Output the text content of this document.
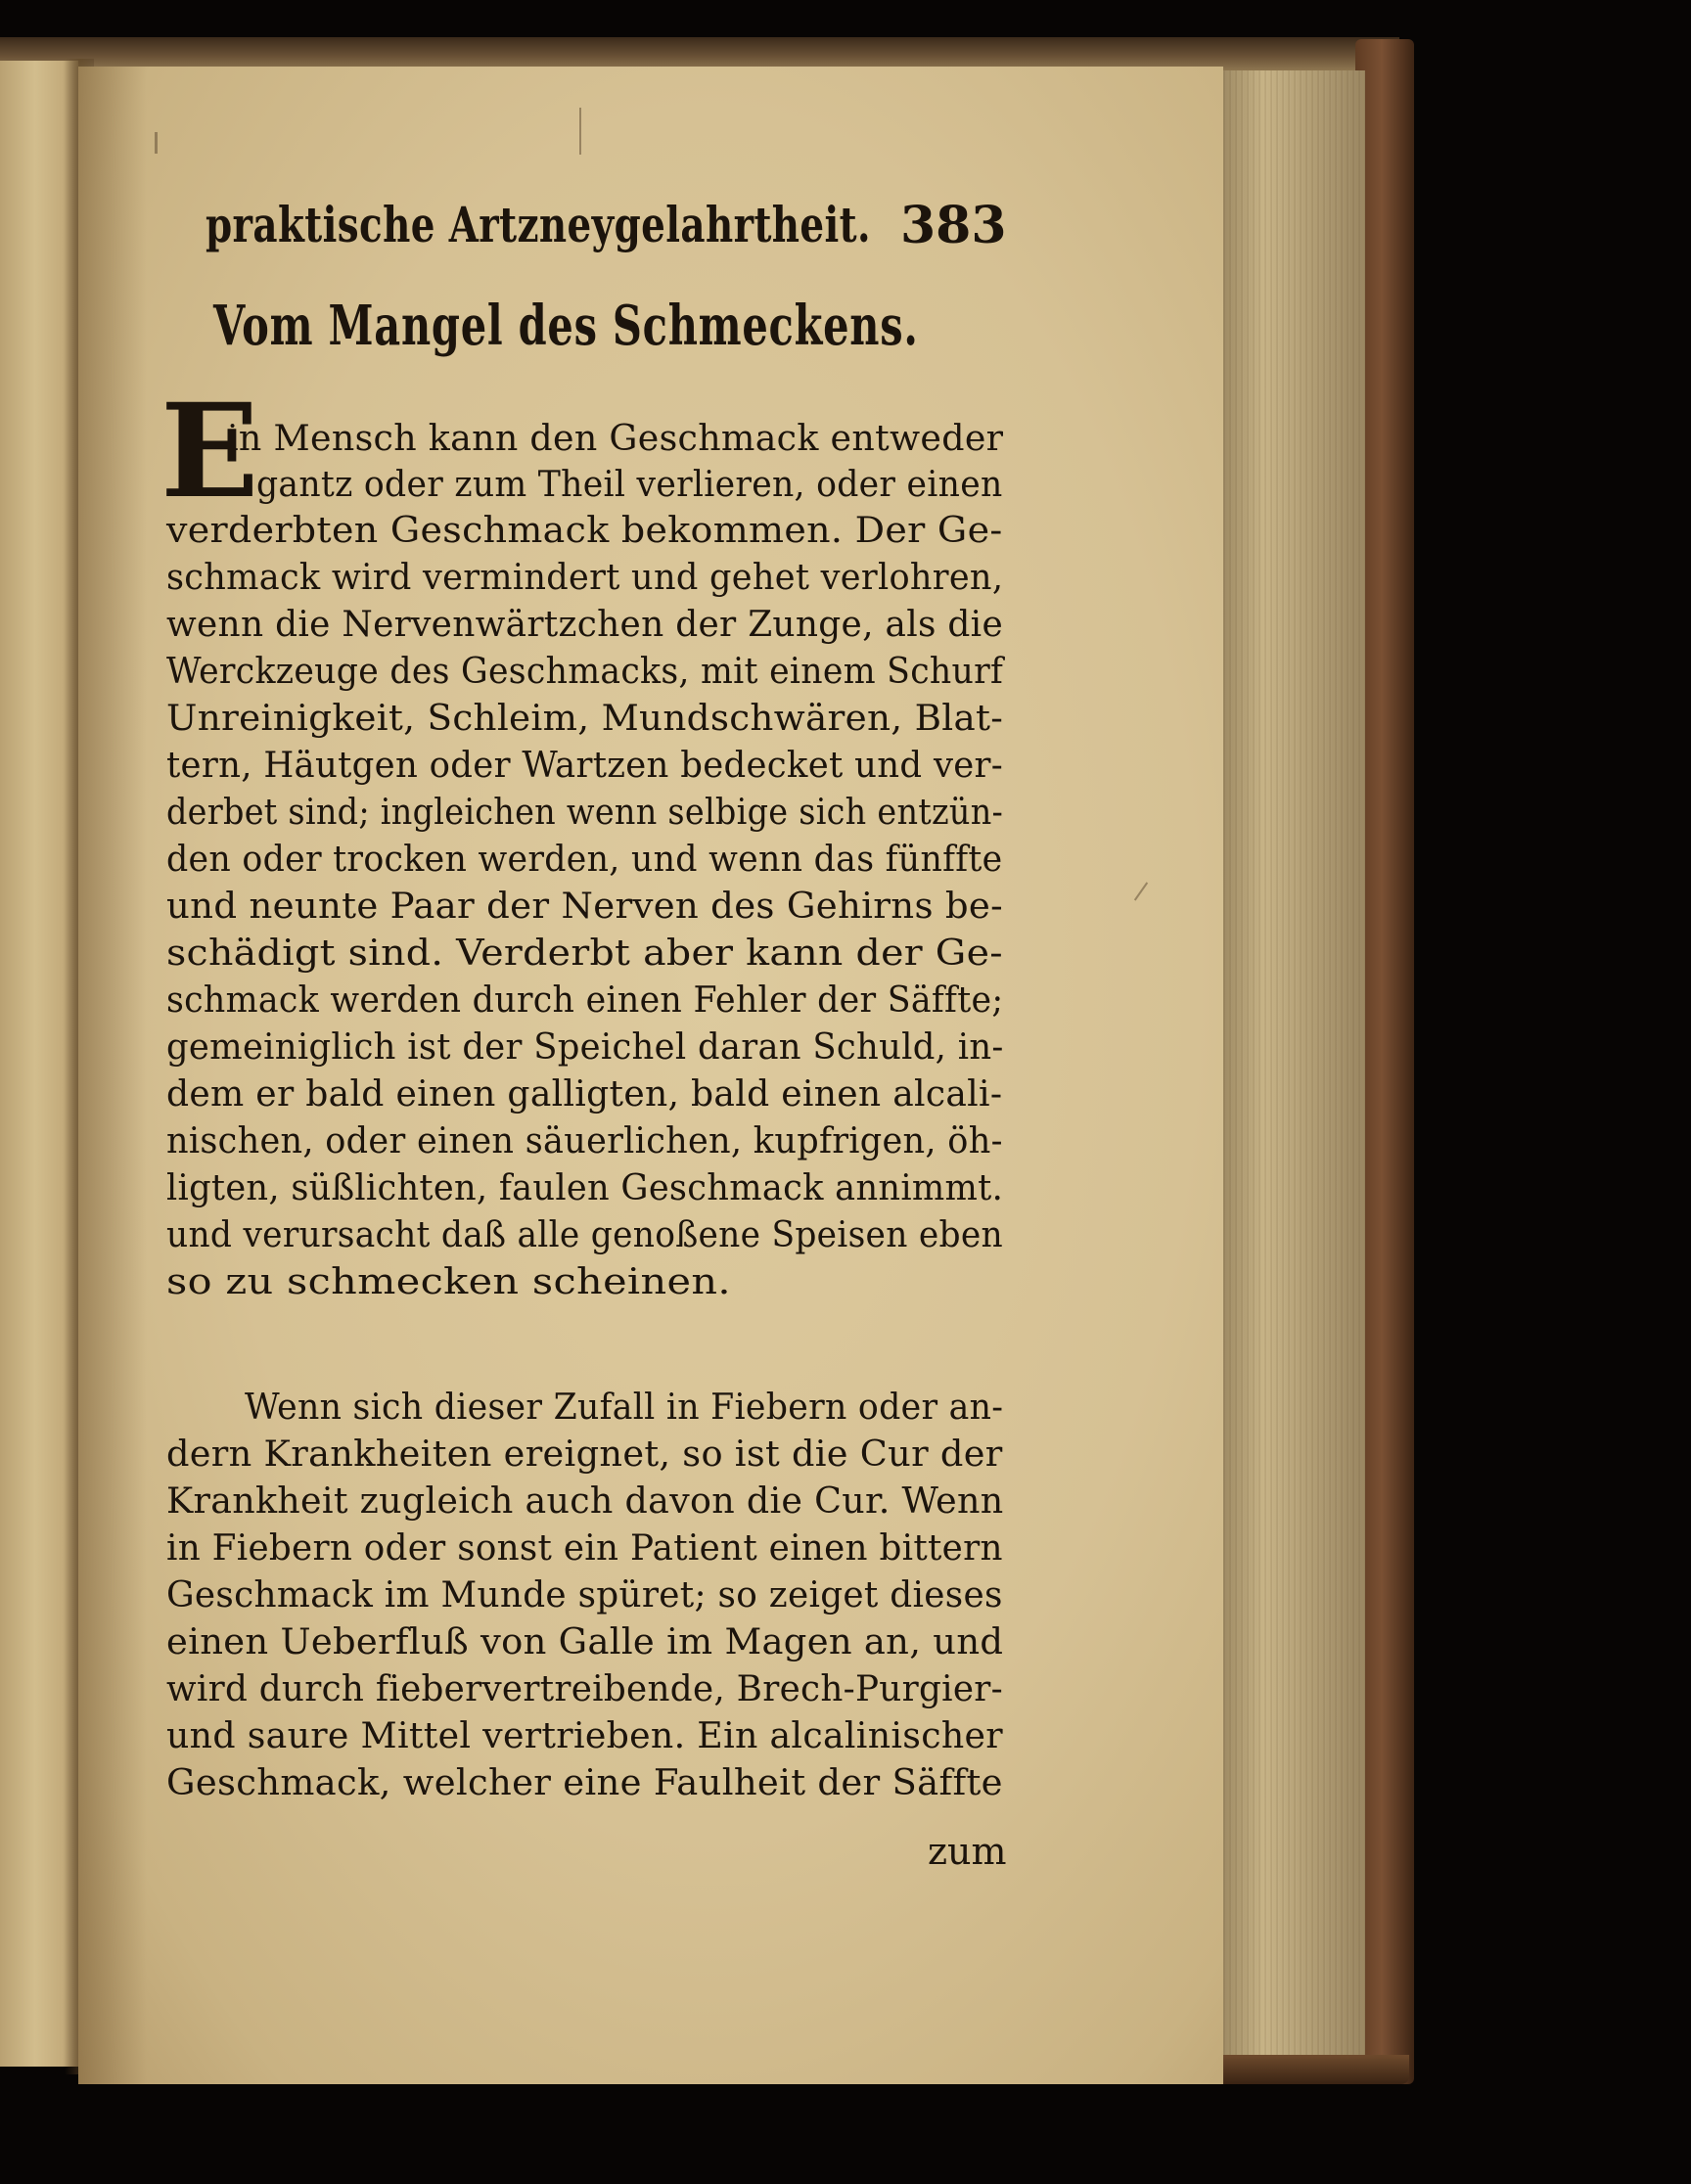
praktische Artzneygelahrtheit. 383
Vom Mangel des Schmeckens.
E
in Mensch kann den Geschmack entweder
gantz oder zum Theil verlieren, oder einen
verderbten Geschmack bekommen. Der Ge-
schmack wird vermindert und gehet verlohren,
wenn die Nervenwärtzchen der Zunge, als die
Werckzeuge des Geschmacks, mit einem Schurf
Unreinigkeit, Schleim, Mundschwären, Blat-
tern, Häutgen oder Wartzen bedecket und ver-
derbet sind; ingleichen wenn selbige sich entzün-
den oder trocken werden, und wenn das fünffte
und neunte Paar der Nerven des Gehirns be-
schädigt sind. Verderbt aber kann der Ge-
schmack werden durch einen Fehler der Säffte;
gemeiniglich ist der Speichel daran Schuld, in-
dem er bald einen galligten, bald einen alcali-
nischen, oder einen säuerlichen, kupfrigen, öh-
ligten, süßlichten, faulen Geschmack annimmt.
und verursacht daß alle genoßene Speisen eben
so zu schmecken scheinen.
Wenn sich dieser Zufall in Fiebern oder an-
dern Krankheiten ereignet, so ist die Cur der
Krankheit zugleich auch davon die Cur. Wenn
in Fiebern oder sonst ein Patient einen bittern
Geschmack im Munde spüret; so zeiget dieses
einen Ueberfluß von Galle im Magen an, und
wird durch fiebervertreibende, Brech-Purgier-
und saure Mittel vertrieben. Ein alcalinischer
Geschmack, welcher eine Faulheit der Säffte
zum
